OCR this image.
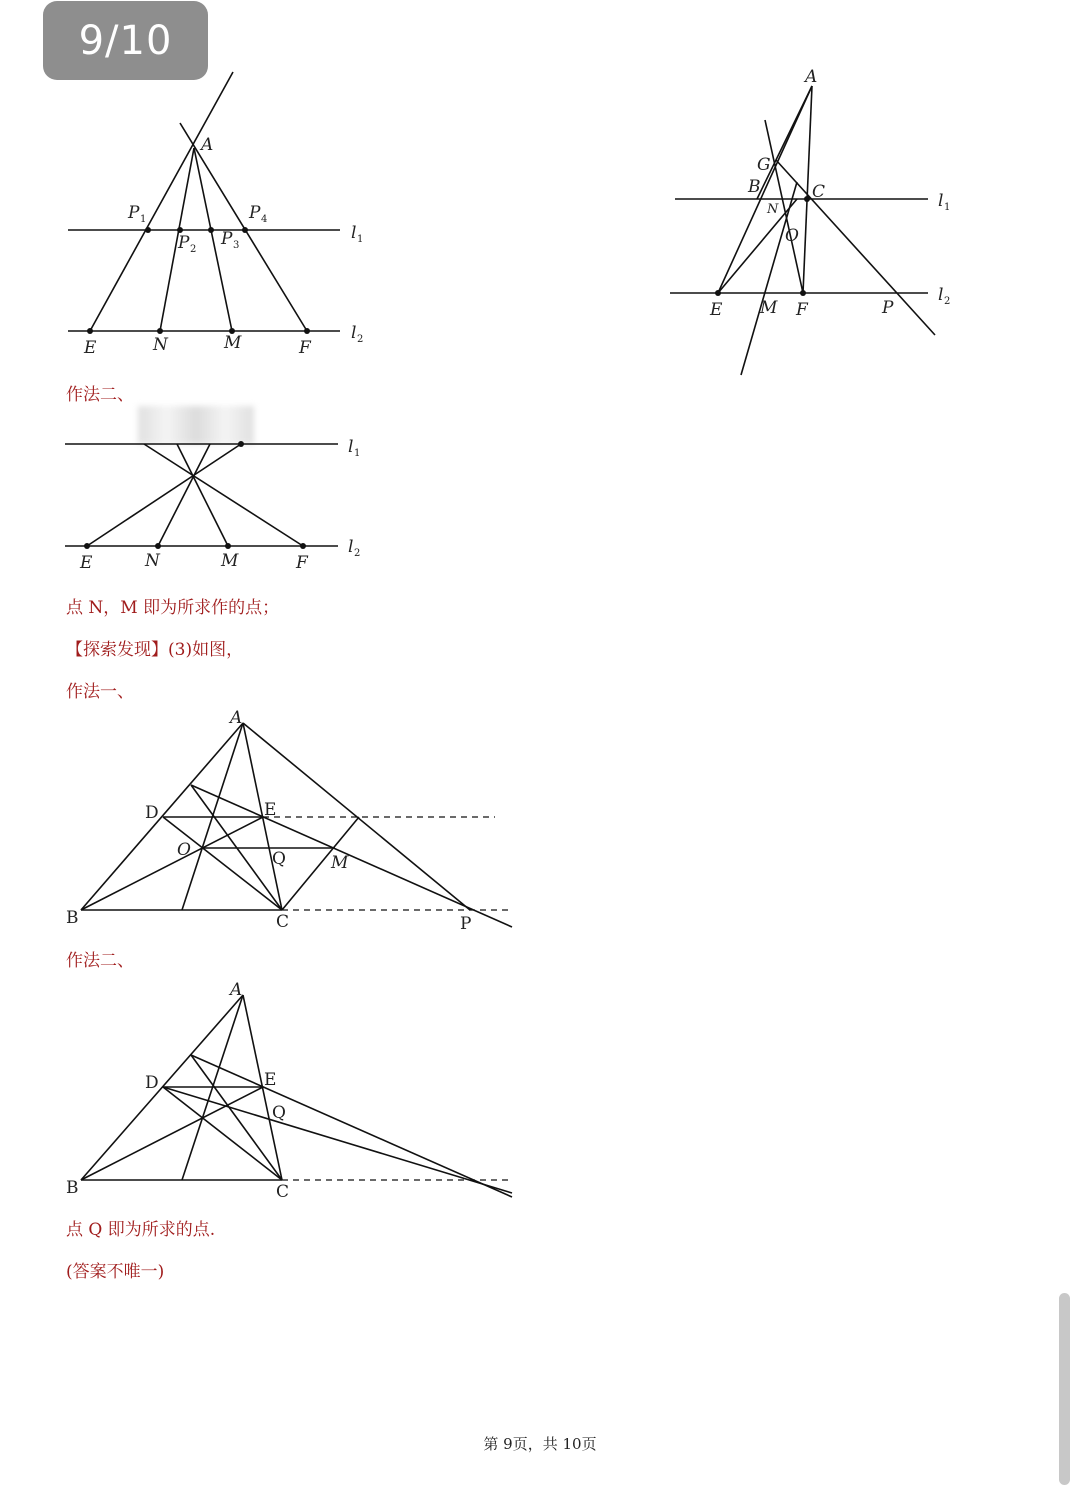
9/10
A
P 1
P 2
P 3
P 4
l 1
l 2
E	N	M	F
A
G
B	C
N
O
l 1
l 2
E M F	P
作法二、
l 1
l 2
E	N	M	F
点 N，M 即为所求作的点；
【探索发现】(3)如图，
作法一、
A
D	E
O	Q	M
B	C	P
作法二、
A
D	E
Q
B	C
点 Q 即为所求的点.
(答案不唯一)
第 9页，共 10页
